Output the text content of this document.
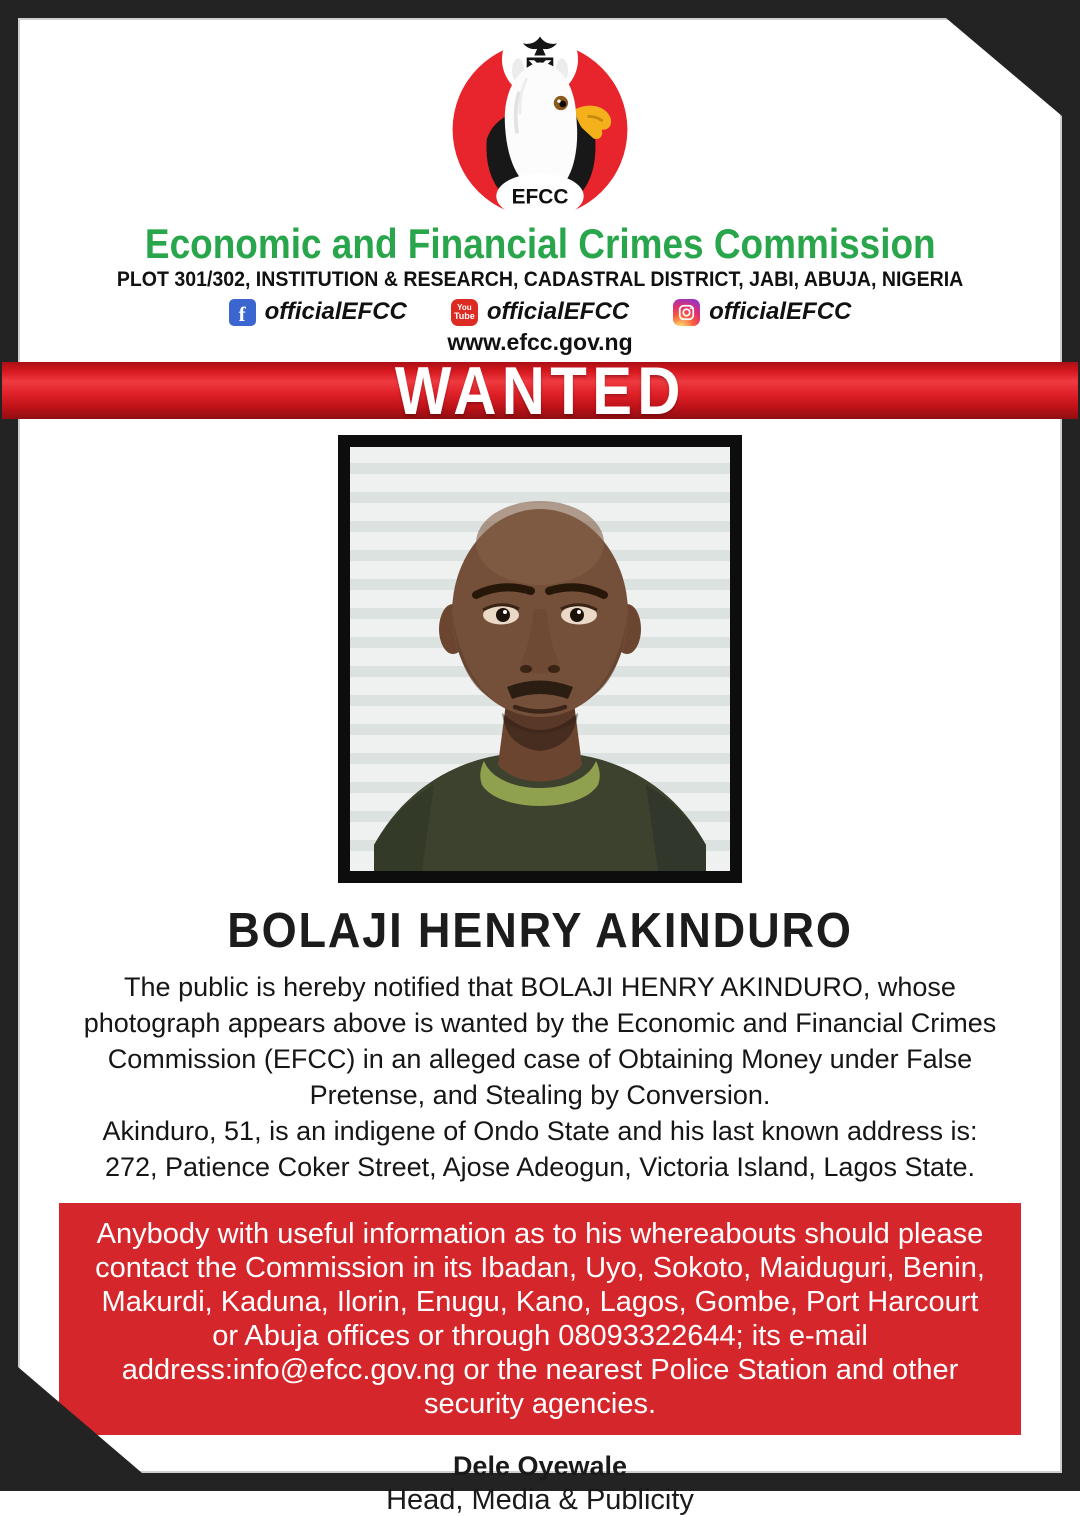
EFCC
Economic and Financial Crimes Commission
PLOT 301/302, INSTITUTION & RESEARCH, CADASTRAL DISTRICT, JABI, ABUJA, NIGERIA
f officialEFCC	You
Tube officialEFCC	officialEFCC
www.efcc.gov.ng
WANTED
BOLAJI HENRY AKINDURO

The public is hereby notified that BOLAJI HENRY AKINDURO, whose photograph appears above is wanted by the Economic and Financial Crimes Commission (EFCC) in an alleged case of Obtaining Money under False Pretense, and Stealing by Conversion.

Akinduro, 51, is an indigene of Ondo State and his last known address is: 272, Patience Coker Street, Ajose Adeogun, Victoria Island, Lagos State.

Anybody with useful information as to his whereabouts should please contact the Commission in its Ibadan, Uyo, Sokoto, Maiduguri, Benin, Makurdi, Kaduna, Ilorin, Enugu, Kano, Lagos, Gombe, Port Harcourt or Abuja offices or through 08093322644; its e-mail address:info@efcc.gov.ng or the nearest Police Station and other security agencies.

Dele Oyewale
Head, Media & Publicity
